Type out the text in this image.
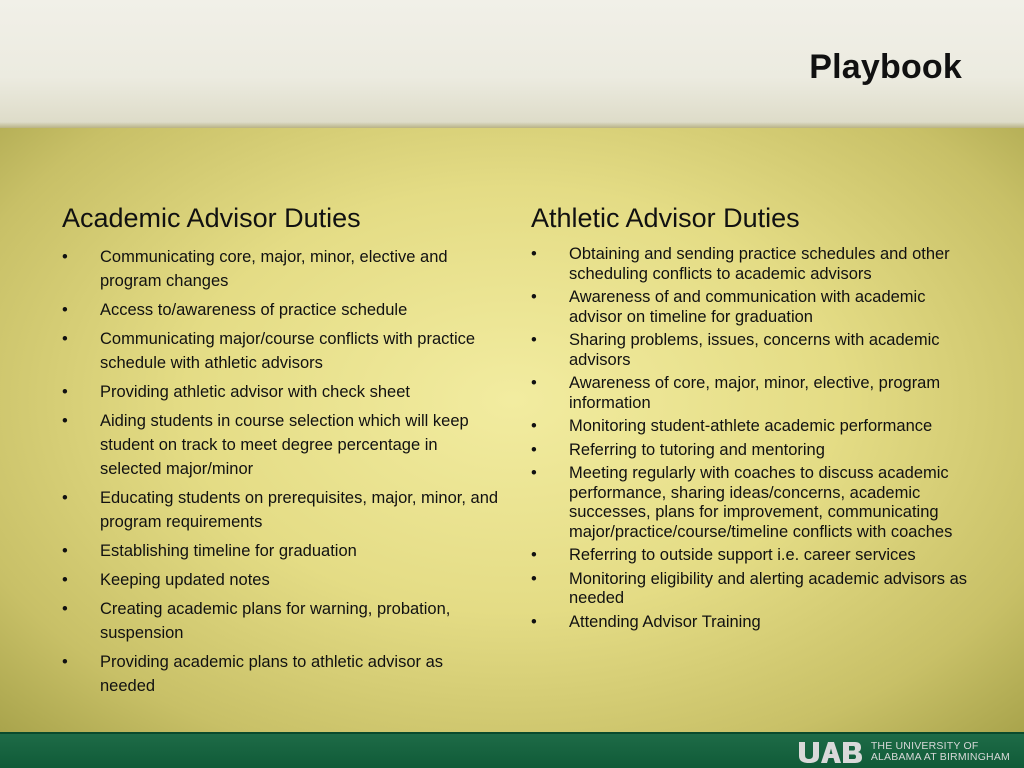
Playbook
Academic Advisor Duties
• Communicating core, major, minor, elective and program changes
• Access to/awareness of practice schedule
• Communicating major/course conflicts with practice schedule with athletic advisors
• Providing athletic advisor with check sheet
• Aiding students in course selection which will keep student on track to meet degree percentage in selected major/minor
• Educating students on prerequisites, major, minor, and program requirements
• Establishing timeline for graduation
• Keeping updated notes
• Creating academic plans for warning, probation, suspension
• Providing academic plans to athletic advisor as needed
Athletic Advisor Duties
• Obtaining and sending practice schedules and other scheduling conflicts to academic advisors
• Awareness of and communication with academic advisor on timeline for graduation
• Sharing problems, issues, concerns with academic advisors
• Awareness of core, major, minor, elective, program information
• Monitoring student-athlete academic performance
• Referring to tutoring and mentoring
• Meeting regularly with coaches to discuss academic performance, sharing ideas/concerns, academic successes, plans for improvement, communicating major/practice/course/timeline conflicts with coaches
• Referring to outside support i.e. career services
• Monitoring eligibility and alerting academic advisors as needed
• Attending Advisor Training
THE UNIVERSITY OF
ALABAMA AT BIRMINGHAM
